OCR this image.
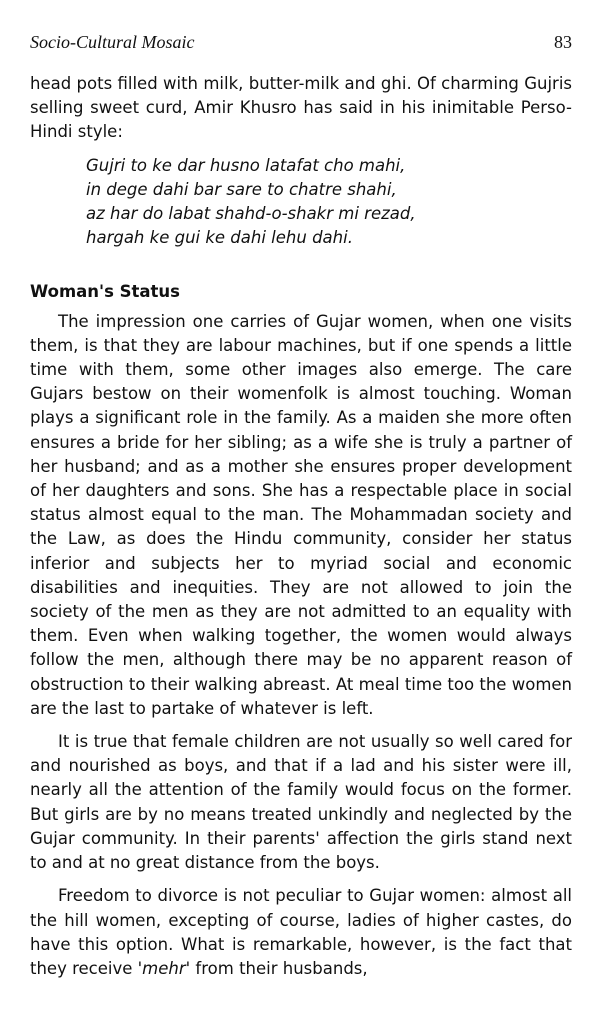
Socio-Cultural Mosaic	83

head pots filled with milk, butter-milk and ghi. Of charming Gujris selling sweet curd, Amir Khusro has said in his inimitable Perso-Hindi style:

Gujri to ke dar husno latafat cho mahi,
in dege dahi bar sare to chatre shahi,
az har do labat shahd-o-shakr mi rezad,
hargah ke gui ke dahi lehu dahi.
Woman's Status

The impression one carries of Gujar women, when one visits them, is that they are labour machines, but if one spends a little time with them, some other images also emerge. The care Gujars bestow on their womenfolk is almost touching. Woman plays a significant role in the family. As a maiden she more often ensures a bride for her sibling; as a wife she is truly a partner of her husband; and as a mother she ensures proper development of her daughters and sons. She has a respectable place in social status almost equal to the man. The Mohammadan society and the Law, as does the Hindu community, consider her status inferior and subjects her to myriad social and economic disabilities and inequities. They are not allowed to join the society of the men as they are not admitted to an equality with them. Even when walking together, the women would always follow the men, although there may be no apparent reason of obstruction to their walking abreast. At meal time too the women are the last to partake of whatever is left.

It is true that female children are not usually so well cared for and nourished as boys, and that if a lad and his sister were ill, nearly all the attention of the family would focus on the former. But girls are by no means treated unkindly and neglected by the Gujar community. In their parents' affection the girls stand next to and at no great distance from the boys.

Freedom to divorce is not peculiar to Gujar women: almost all the hill women, excepting of course, ladies of higher castes, do have this option. What is remarkable, however, is the fact that they receive 'mehr' from their husbands,
